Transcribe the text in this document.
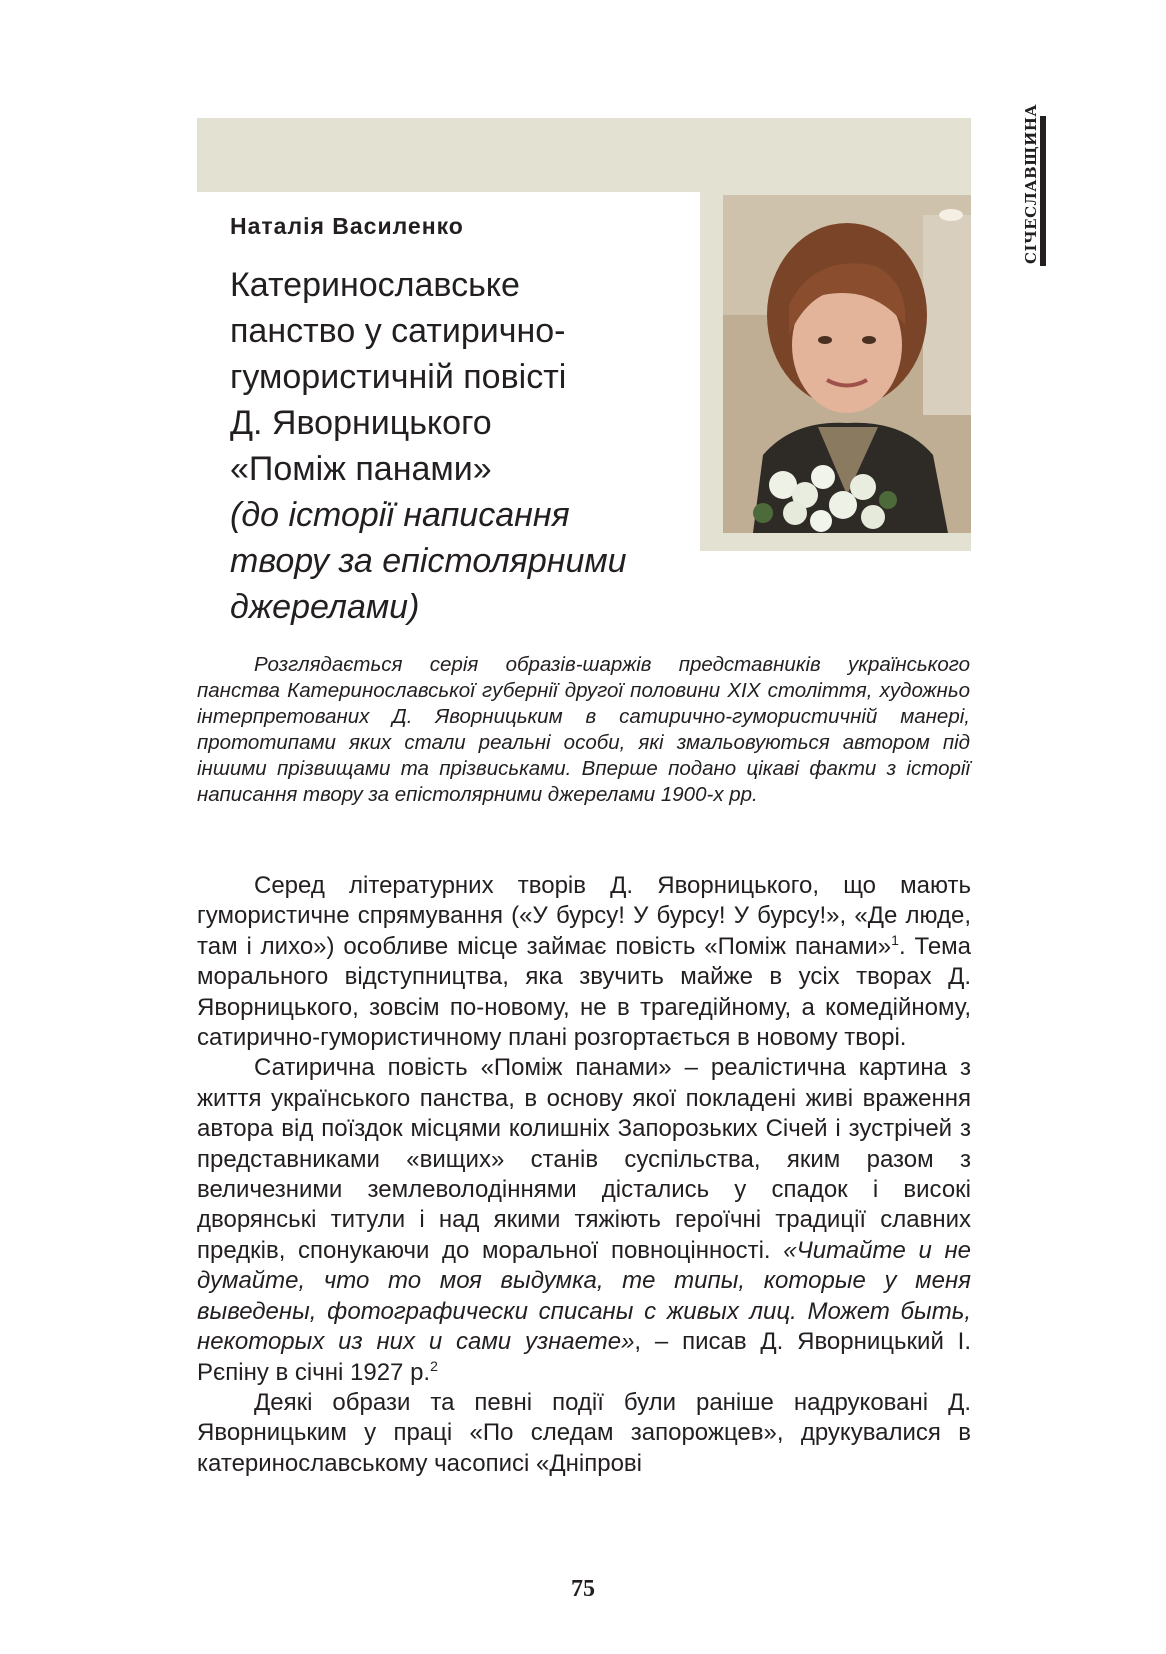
СІЧЕСЛАВЩИНА
Наталія Василенко
Катеринославське
панство у сатирично-
гумористичній повісті
Д. Яворницького
«Поміж панами»
(до історії написання
твору за епістолярними
джерелами)
Розглядається серія образів-шаржів представників українського панства Катеринославської губернії другої половини XIX століття, художньо інтерпретованих Д. Яворницьким в сатирично-гумористичній манері, прототипами яких стали реальні особи, які змальовуються автором під іншими прізвищами та прізвиськами. Вперше подано цікаві факти з історії написання твору за епістолярними джерелами 1900-х рр.

Серед літературних творів Д. Яворницького, що мають гумористичне спрямування («У бурсу! У бурсу! У бурсу!», «Де люде, там і лихо») особливе місце займає повість «Поміж панами»$^1$. Тема морального відступництва, яка звучить майже в усіх творах Д. Яворницького, зовсім по-новому, не в трагедійному, а комедійному, сатирично-гумористичному плані розгортається в новому творі.

Сатирична повість «Поміж панами» – реалістична картина з життя українського панства, в основу якої покладені живі враження автора від поїздок місцями колишніх Запорозьких Січей і зустрічей з представниками «вищих» станів суспільства, яким разом з величезними землеволодіннями дістались у спадок і високі дворянські титули і над якими тяжіють героїчні традиції славних предків, спонукаючи до моральної повноцінності. «Читайте и не думайте, что то моя выдумка, те типы, которые у меня выведены, фотографически списаны с живых лиц. Может быть, некоторых из них и сами узнаете», – писав Д. Яворницький І. Рєпіну в січні 1927 р.$^2$

Деякі образи та певні події були раніше надруковані Д. Яворницьким у праці «По следам запорожцев», друкувалися в катеринославському часописі «Дніпрові

75
